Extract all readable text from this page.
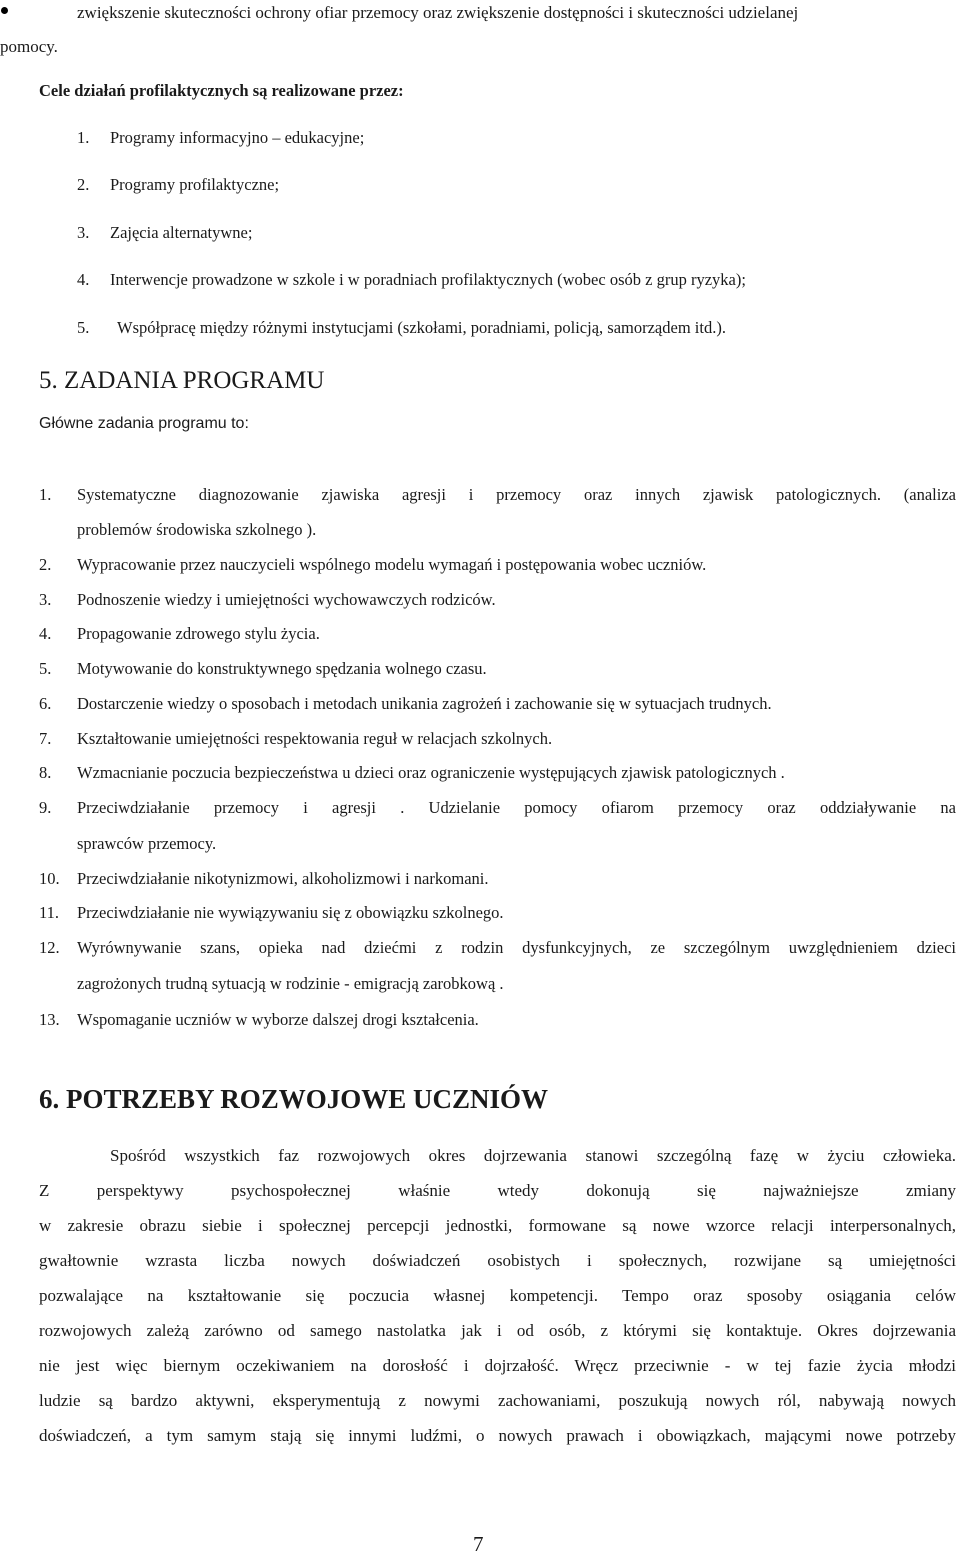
zwiększenie skuteczności ochrony ofiar przemocy oraz zwiększenie dostępności i skuteczności udzielanej
pomocy.
Cele działań profilaktycznych są realizowane przez:
1. Programy informacyjno – edukacyjne;
2. Programy profilaktyczne;
3. Zajęcia alternatywne;
4. Interwencje prowadzone w szkole i w poradniach profilaktycznych (wobec osób z grup ryzyka);
5. Współpracę między różnymi instytucjami (szkołami, poradniami, policją, samorządem itd.).
5. ZADANIA PROGRAMU
Główne zadania programu to:
1. Systematyczne diagnozowanie zjawiska agresji i przemocy oraz innych zjawisk patologicznych. (analiza
problemów środowiska szkolnego ).
2. Wypracowanie przez nauczycieli wspólnego modelu wymagań i postępowania wobec uczniów.
3. Podnoszenie wiedzy i umiejętności wychowawczych rodziców.
4. Propagowanie zdrowego stylu życia.
5. Motywowanie do konstruktywnego spędzania wolnego czasu.
6. Dostarczenie wiedzy o sposobach i metodach unikania zagrożeń i zachowanie się w sytuacjach trudnych.
7. Kształtowanie umiejętności respektowania reguł w relacjach szkolnych.
8. Wzmacnianie poczucia bezpieczeństwa u dzieci oraz ograniczenie występujących zjawisk patologicznych .
9. Przeciwdziałanie przemocy i agresji . Udzielanie pomocy ofiarom przemocy oraz oddziaływanie na
sprawców przemocy.
10. Przeciwdziałanie nikotynizmowi, alkoholizmowi i narkomani.
11. Przeciwdziałanie nie wywiązywaniu się z obowiązku szkolnego.
12. Wyrównywanie szans, opieka nad dziećmi z rodzin dysfunkcyjnych, ze szczególnym uwzględnieniem dzieci
zagrożonych trudną sytuacją w rodzinie - emigracją zarobkową .
13. Wspomaganie uczniów w wyborze dalszej drogi kształcenia.
6. POTRZEBY ROZWOJOWE UCZNIÓW
Spośród wszystkich faz rozwojowych okres dojrzewania stanowi szczególną fazę w życiu człowieka.
Z perspektywy psychospołecznej właśnie wtedy dokonują się najważniejsze zmiany
w zakresie obrazu siebie i społecznej percepcji jednostki, formowane są nowe wzorce relacji interpersonalnych,
gwałtownie wzrasta liczba nowych doświadczeń osobistych i społecznych, rozwijane są umiejętności
pozwalające na kształtowanie się poczucia własnej kompetencji. Tempo oraz sposoby osiągania celów
rozwojowych zależą zarówno od samego nastolatka jak i od osób, z którymi się kontaktuje. Okres dojrzewania
nie jest więc biernym oczekiwaniem na dorosłość i dojrzałość. Wręcz przeciwnie - w tej fazie życia młodzi
ludzie są bardzo aktywni, eksperymentują z nowymi zachowaniami, poszukują nowych ról, nabywają nowych
doświadczeń, a tym samym stają się innymi ludźmi, o nowych prawach i obowiązkach, mającymi nowe potrzeby
7
